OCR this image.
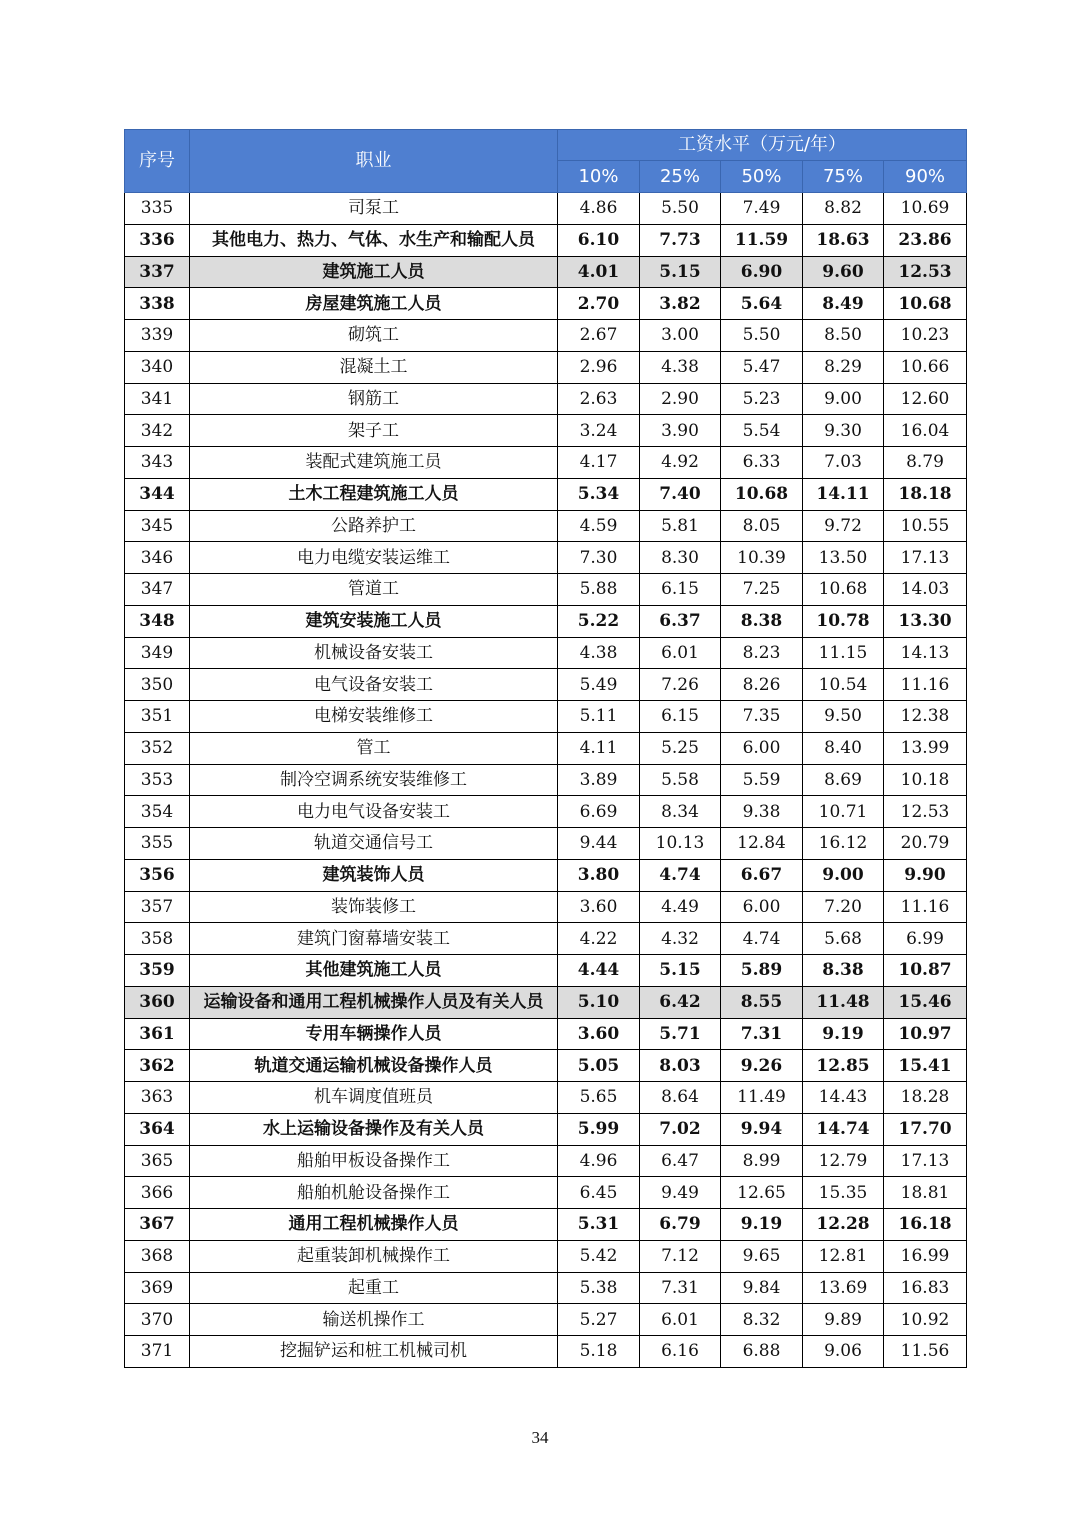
序号	职业	工资水平（万元/年）				
		10%	25%	50%	75%	90%
335	司泵工	4.86	5.50	7.49	8.82	10.69
336	其他电力、热力、气体、水生产和输配人员	6.10	7.73	11.59	18.63	23.86
337	建筑施工人员	4.01	5.15	6.90	9.60	12.53
338	房屋建筑施工人员	2.70	3.82	5.64	8.49	10.68
339	砌筑工	2.67	3.00	5.50	8.50	10.23
340	混凝土工	2.96	4.38	5.47	8.29	10.66
341	钢筋工	2.63	2.90	5.23	9.00	12.60
342	架子工	3.24	3.90	5.54	9.30	16.04
343	装配式建筑施工员	4.17	4.92	6.33	7.03	8.79
344	土木工程建筑施工人员	5.34	7.40	10.68	14.11	18.18
345	公路养护工	4.59	5.81	8.05	9.72	10.55
346	电力电缆安装运维工	7.30	8.30	10.39	13.50	17.13
347	管道工	5.88	6.15	7.25	10.68	14.03
348	建筑安装施工人员	5.22	6.37	8.38	10.78	13.30
349	机械设备安装工	4.38	6.01	8.23	11.15	14.13
350	电气设备安装工	5.49	7.26	8.26	10.54	11.16
351	电梯安装维修工	5.11	6.15	7.35	9.50	12.38
352	管工	4.11	5.25	6.00	8.40	13.99
353	制冷空调系统安装维修工	3.89	5.58	5.59	8.69	10.18
354	电力电气设备安装工	6.69	8.34	9.38	10.71	12.53
355	轨道交通信号工	9.44	10.13	12.84	16.12	20.79
356	建筑装饰人员	3.80	4.74	6.67	9.00	9.90
357	装饰装修工	3.60	4.49	6.00	7.20	11.16
358	建筑门窗幕墙安装工	4.22	4.32	4.74	5.68	6.99
359	其他建筑施工人员	4.44	5.15	5.89	8.38	10.87
360	运输设备和通用工程机械操作人员及有关人员	5.10	6.42	8.55	11.48	15.46
361	专用车辆操作人员	3.60	5.71	7.31	9.19	10.97
362	轨道交通运输机械设备操作人员	5.05	8.03	9.26	12.85	15.41
363	机车调度值班员	5.65	8.64	11.49	14.43	18.28
364	水上运输设备操作及有关人员	5.99	7.02	9.94	14.74	17.70
365	船舶甲板设备操作工	4.96	6.47	8.99	12.79	17.13
366	船舶机舱设备操作工	6.45	9.49	12.65	15.35	18.81
367	通用工程机械操作人员	5.31	6.79	9.19	12.28	16.18
368	起重装卸机械操作工	5.42	7.12	9.65	12.81	16.99
369	起重工	5.38	7.31	9.84	13.69	16.83
370	输送机操作工	5.27	6.01	8.32	9.89	10.92
371	挖掘铲运和桩工机械司机	5.18	6.16	6.88	9.06	11.56
34
